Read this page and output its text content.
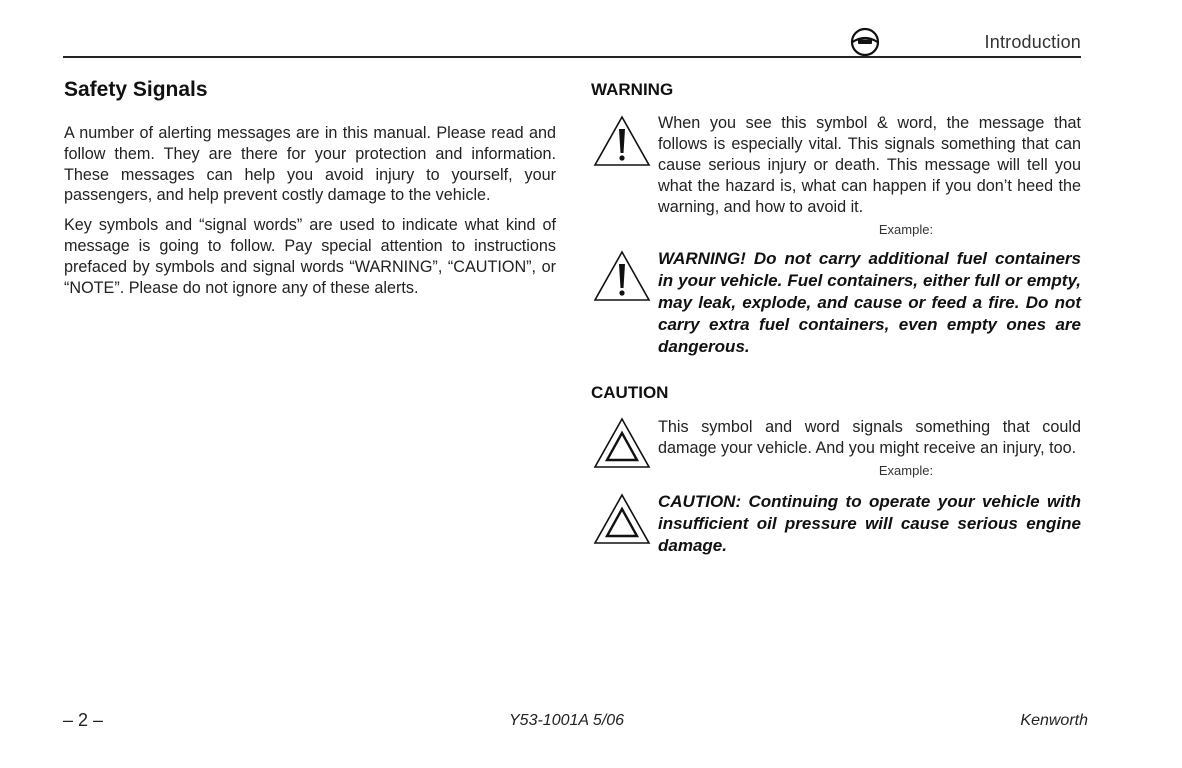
Introduction
Safety Signals

A number of alerting messages are in this manual. Please read and follow them. They are there for your protection and information. These messages can help you avoid injury to yourself, your passengers, and help prevent costly damage to the vehicle.

Key symbols and “signal words” are used to indicate what kind of message is going to follow. Pay special attention to instructions prefaced by symbols and signal words “WARNING”, “CAUTION”, or “NOTE”. Please do not ignore any of these alerts.

WARNING

When you see this symbol & word, the message that follows is especially vital. This signals something that can cause serious injury or death. This message will tell you what the hazard is, what can happen if you don’t heed the warning, and how to avoid it.

Example:

WARNING! Do not carry additional fuel containers in your vehicle. Fuel containers, either full or empty, may leak, explode, and cause or feed a fire. Do not carry extra fuel containers, even empty ones are dangerous.

CAUTION

This symbol and word signals something that could damage your vehicle. And you might receive an injury, too.

Example:

CAUTION: Continuing to operate your vehicle with insufficient oil pressure will cause serious engine damage.

– 2 –	Y53-1001A 5/06	Kenworth
